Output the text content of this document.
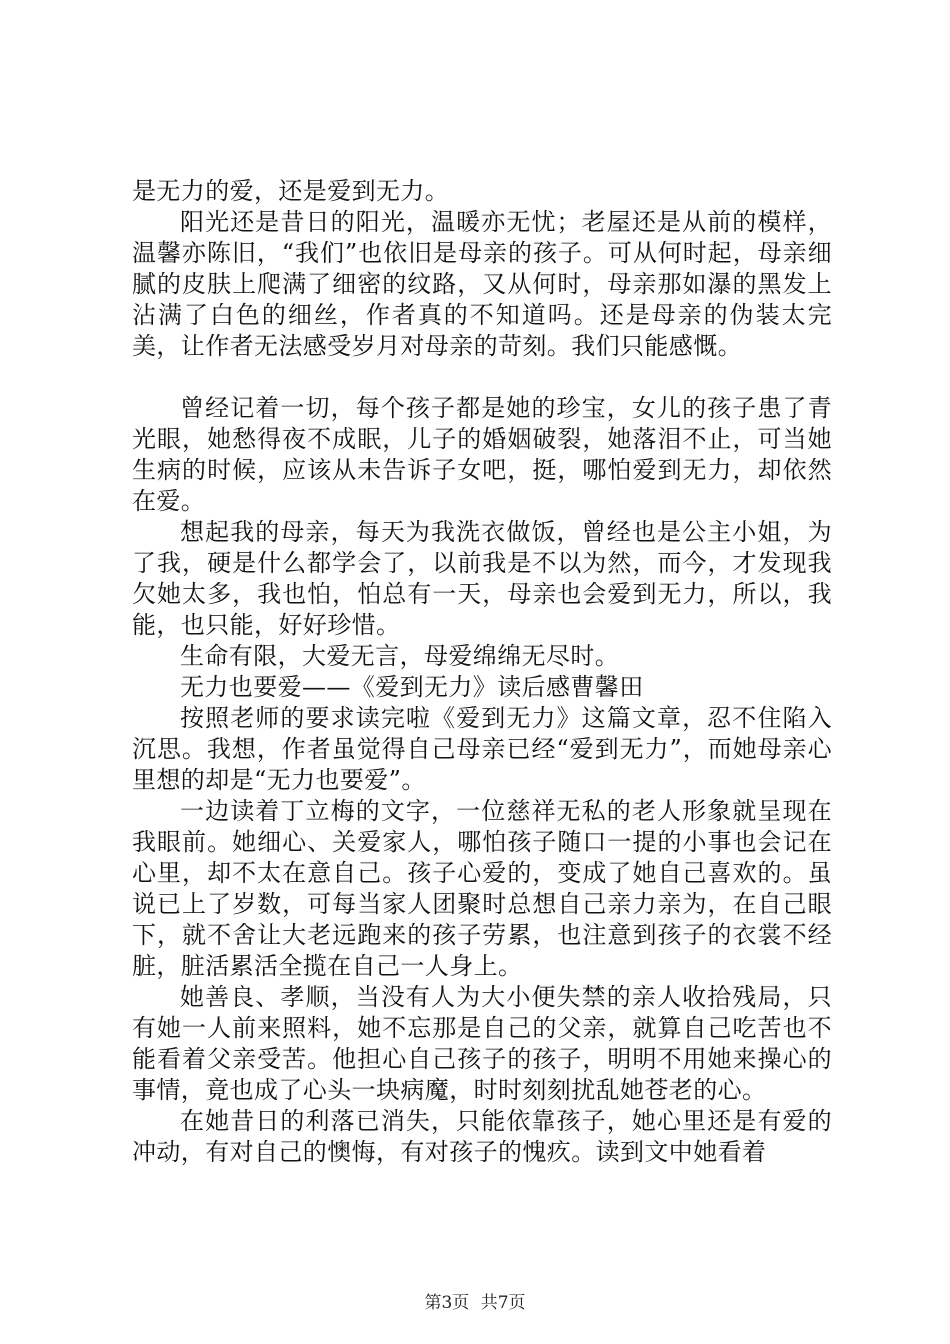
是无力的爱，还是爱到无力。

阳光还是昔日的阳光，温暖亦无忧；老屋还是从前的模样，温馨亦陈旧，“我们”也依旧是母亲的孩子。可从何时起，母亲细腻的皮肤上爬满了细密的纹路，又从何时，母亲那如瀑的黑发上沾满了白色的细丝，作者真的不知道吗。还是母亲的伪装太完美，让作者无法感受岁月对母亲的苛刻。我们只能感慨。

曾经记着一切，每个孩子都是她的珍宝，女儿的孩子患了青光眼，她愁得夜不成眠，儿子的婚姻破裂，她落泪不止，可当她生病的时候，应该从未告诉子女吧，挺，哪怕爱到无力，却依然在爱。

想起我的母亲，每天为我洗衣做饭，曾经也是公主小姐，为了我，硬是什么都学会了，以前我是不以为然，而今，才发现我欠她太多，我也怕，怕总有一天，母亲也会爱到无力，所以，我能，也只能，好好珍惜。

生命有限，大爱无言，母爱绵绵无尽时。

无力也要爱——《爱到无力》读后感曹馨田

按照老师的要求读完啦《爱到无力》这篇文章，忍不住陷入沉思。我想，作者虽觉得自己母亲已经“爱到无力”，而她母亲心里想的却是“无力也要爱”。

一边读着丁立梅的文字，一位慈祥无私的老人形象就呈现在我眼前。她细心、关爱家人，哪怕孩子随口一提的小事也会记在心里，却不太在意自己。孩子心爱的，变成了她自己喜欢的。虽说已上了岁数，可每当家人团聚时总想自己亲力亲为，在自己眼下，就不舍让大老远跑来的孩子劳累，也注意到孩子的衣裳不经脏，脏活累活全揽在自己一人身上。

她善良、孝顺，当没有人为大小便失禁的亲人收拾残局，只有她一人前来照料，她不忘那是自己的父亲，就算自己吃苦也不能看着父亲受苦。他担心自己孩子的孩子，明明不用她来操心的事情，竟也成了心头一块病魔，时时刻刻扰乱她苍老的心。

在她昔日的利落已消失，只能依靠孩子，她心里还是有爱的冲动，有对自己的懊悔，有对孩子的愧疚。读到文中她看着

第3页 共7页
